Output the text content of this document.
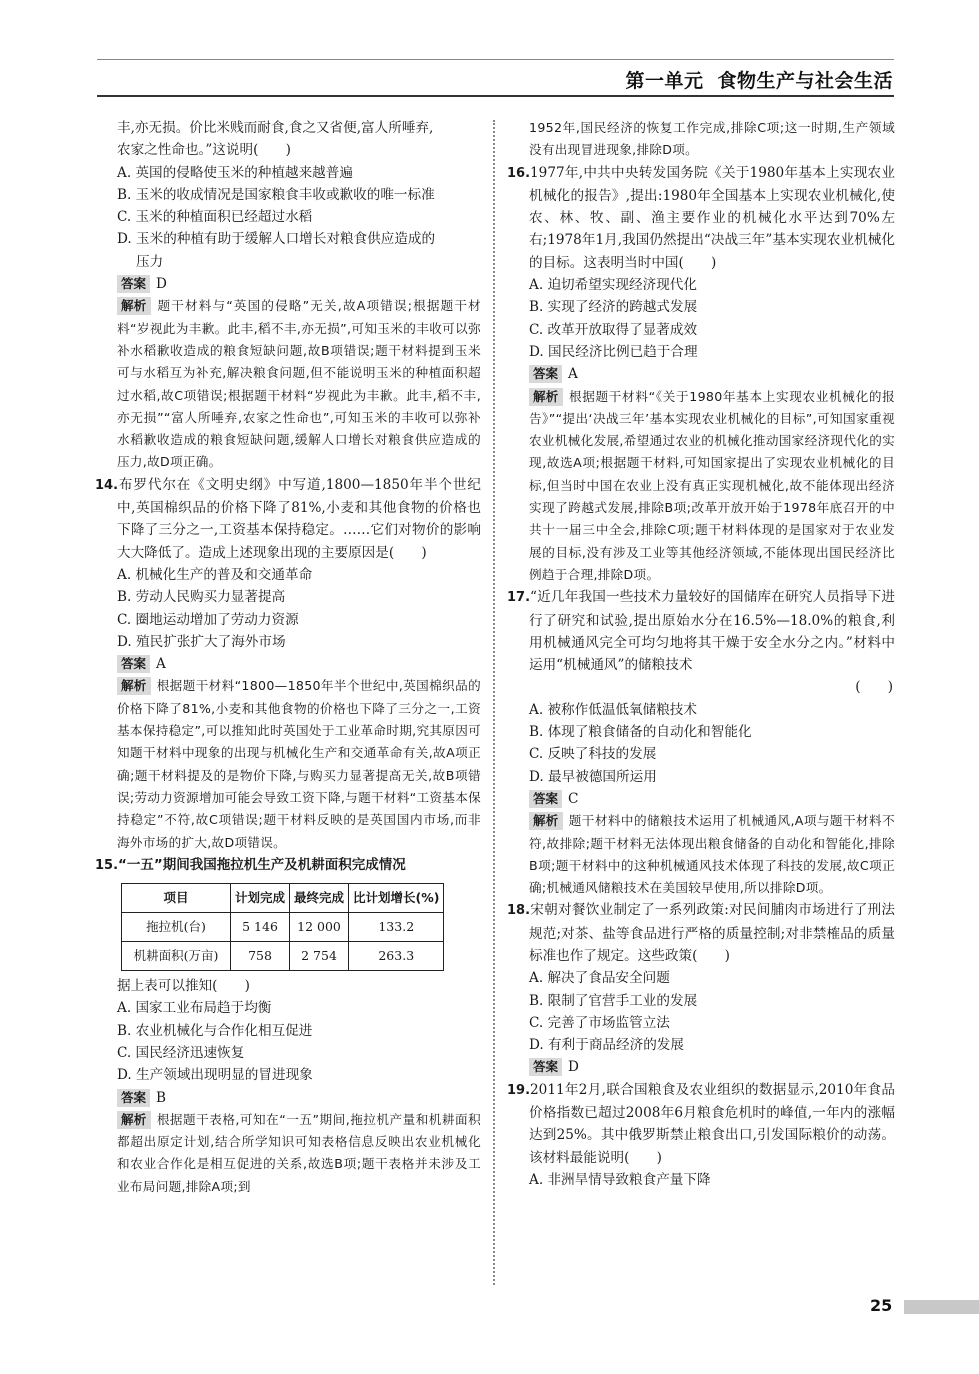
第一单元 食物生产与社会生活

丰,亦无损。价比米贱而耐食,食之又省便,富人所唾弃,

农家之性命也。”这说明(　　)

A. 英国的侵略使玉米的种植越来越普遍

B. 玉米的收成情况是国家粮食丰收或歉收的唯一标准

C. 玉米的种植面积已经超过水稻

D. 玉米的种植有助于缓解人口增长对粮食供应造成的

压力

答案 D

解析 题干材料与“英国的侵略”无关,故A项错误;根据题干材料“岁视此为丰歉。此丰,稻不丰,亦无损”,可知玉米的丰收可以弥补水稻歉收造成的粮食短缺问题,故B项错误;题干材料提到玉米可与水稻互为补充,解决粮食问题,但不能说明玉米的种植面积超过水稻,故C项错误;根据题干材料“岁视此为丰歉。此丰,稻不丰,亦无损”“富人所唾弃,农家之性命也”,可知玉米的丰收可以弥补水稻歉收造成的粮食短缺问题,缓解人口增长对粮食供应造成的压力,故D项正确。

14.布罗代尔在《文明史纲》中写道,1800—1850年半个世纪中,英国棉织品的价格下降了81%,小麦和其他食物的价格也下降了三分之一,工资基本保持稳定。……它们对物价的影响大大降低了。造成上述现象出现的主要原因是(　　)

A. 机械化生产的普及和交通革命

B. 劳动人民购买力显著提高

C. 圈地运动增加了劳动力资源

D. 殖民扩张扩大了海外市场

答案 A

解析 根据题干材料“1800—1850年半个世纪中,英国棉织品的价格下降了81%,小麦和其他食物的价格也下降了三分之一,工资基本保持稳定”,可以推知此时英国处于工业革命时期,究其原因可知题干材料中现象的出现与机械化生产和交通革命有关,故A项正确;题干材料提及的是物价下降,与购买力显著提高无关,故B项错误;劳动力资源增加可能会导致工资下降,与题干材料“工资基本保持稳定”不符,故C项错误;题干材料反映的是英国国内市场,而非海外市场的扩大,故D项错误。

15.“一五”期间我国拖拉机生产及机耕面积完成情况

项目	计划完成	最终完成	比计划增长(%)
拖拉机(台)	5 146	12 000	133.2
机耕面积(万亩)	758	2 754	263.3

据上表可以推知(　　)

A. 国家工业布局趋于均衡

B. 农业机械化与合作化相互促进

C. 国民经济迅速恢复

D. 生产领域出现明显的冒进现象

答案 B

解析 根据题干表格,可知在“一五”期间,拖拉机产量和机耕面积都超出原定计划,结合所学知识可知表格信息反映出农业机械化和农业合作化是相互促进的关系,故选B项;题干表格并未涉及工业布局问题,排除A项;到

1952年,国民经济的恢复工作完成,排除C项;这一时期,生产领域没有出现冒进现象,排除D项。

16.1977年,中共中央转发国务院《关于1980年基本上实现农业机械化的报告》,提出:1980年全国基本上实现农业机械化,使农、林、牧、副、渔主要作业的机械化水平达到70%左右;1978年1月,我国仍然提出“决战三年”基本实现农业机械化的目标。这表明当时中国(　　)

A. 迫切希望实现经济现代化

B. 实现了经济的跨越式发展

C. 改革开放取得了显著成效

D. 国民经济比例已趋于合理

答案 A

解析 根据题干材料“《关于1980年基本上实现农业机械化的报告》”“提出‘决战三年’基本实现农业机械化的目标”,可知国家重视农业机械化发展,希望通过农业的机械化推动国家经济现代化的实现,故选A项;根据题干材料,可知国家提出了实现农业机械化的目标,但当时中国在农业上没有真正实现机械化,故不能体现出经济实现了跨越式发展,排除B项;改革开放开始于1978年底召开的中共十一届三中全会,排除C项;题干材料体现的是国家对于农业发展的目标,没有涉及工业等其他经济领域,不能体现出国民经济比例趋于合理,排除D项。

17.“近几年我国一些技术力量较好的国储库在研究人员指导下进行了研究和试验,提出原始水分在16.5%—18.0%的粮食,利用机械通风完全可均匀地将其干燥于安全水分之内。”材料中运用“机械通风”的储粮技术

(　　)

A. 被称作低温低氧储粮技术

B. 体现了粮食储备的自动化和智能化

C. 反映了科技的发展

D. 最早被德国所运用

答案 C

解析 题干材料中的储粮技术运用了机械通风,A项与题干材料不符,故排除;题干材料无法体现出粮食储备的自动化和智能化,排除B项;题干材料中的这种机械通风技术体现了科技的发展,故C项正确;机械通风储粮技术在美国较早使用,所以排除D项。

18.宋朝对餐饮业制定了一系列政策:对民间脯肉市场进行了刑法规范;对茶、盐等食品进行严格的质量控制;对非禁榷品的质量标准也作了规定。这些政策(　　)

A. 解决了食品安全问题

B. 限制了官营手工业的发展

C. 完善了市场监管立法

D. 有利于商品经济的发展

答案 D

19.2011年2月,联合国粮食及农业组织的数据显示,2010年食品价格指数已超过2008年6月粮食危机时的峰值,一年内的涨幅达到25%。其中俄罗斯禁止粮食出口,引发国际粮价的动荡。该材料最能说明(　　)

A. 非洲旱情导致粮食产量下降

25
